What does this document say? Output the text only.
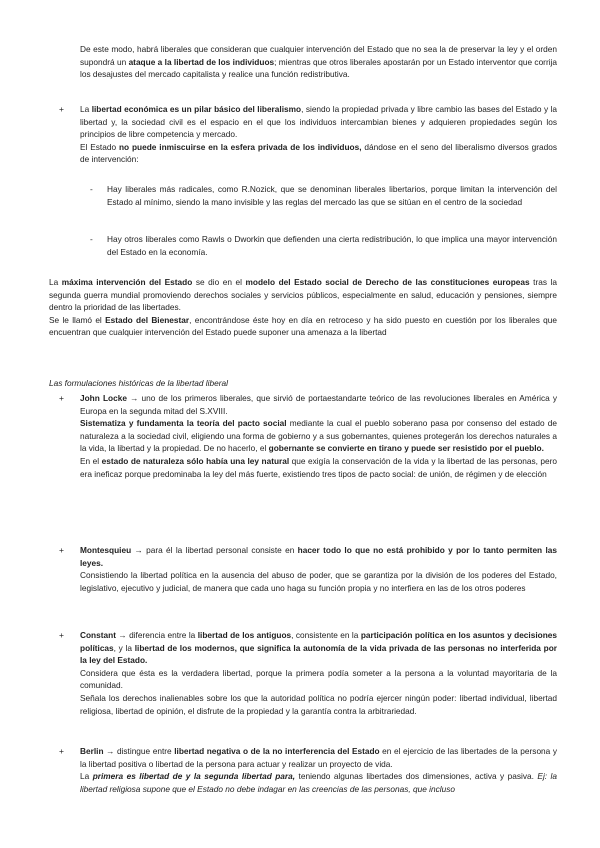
De este modo, habrá liberales que consideran que cualquier intervención del Estado que no sea la de preservar la ley y el orden supondrá un ataque a la libertad de los individuos; mientras que otros liberales apostarán por un Estado interventor que corrija los desajustes del mercado capitalista y realice una función redistributiva.

+ La libertad económica es un pilar básico del liberalismo, siendo la propiedad privada y libre cambio las bases del Estado y la libertad y, la sociedad civil es el espacio en el que los individuos intercambian bienes y adquieren propiedades según los principios de libre competencia y mercado.

El Estado no puede inmiscuirse en la esfera privada de los individuos, dándose en el seno del liberalismo diversos grados de intervención:

- Hay liberales más radicales, como R.Nozick, que se denominan liberales libertarios, porque limitan la intervención del Estado al mínimo, siendo la mano invisible y las reglas del mercado las que se sitúan en el centro de la sociedad

- Hay otros liberales como Rawls o Dworkin que defienden una cierta redistribución, lo que implica una mayor intervención del Estado en la economía.

La máxima intervención del Estado se dio en el modelo del Estado social de Derecho de las constituciones europeas tras la segunda guerra mundial promoviendo derechos sociales y servicios públicos, especialmente en salud, educación y pensiones, siempre dentro la prioridad de las libertades.

Se le llamó el Estado del Bienestar, encontrándose éste hoy en día en retroceso y ha sido puesto en cuestión por los liberales que encuentran que cualquier intervención del Estado puede suponer una amenaza a la libertad

Las formulaciones históricas de la libertad liberal
+ John Locke → uno de los primeros liberales, que sirvió de portaestandarte teórico de las revoluciones liberales en América y Europa en la segunda mitad del S.XVIII.

Sistematiza y fundamenta la teoría del pacto social mediante la cual el pueblo soberano pasa por consenso del estado de naturaleza a la sociedad civil, eligiendo una forma de gobierno y a sus gobernantes, quienes protegerán los derechos naturales a la vida, la libertad y la propiedad. De no hacerlo, el gobernante se convierte en tirano y puede ser resistido por el pueblo.

En el estado de naturaleza sólo había una ley natural que exigía la conservación de la vida y la libertad de las personas, pero era ineficaz porque predominaba la ley del más fuerte, existiendo tres tipos de pacto social: de unión, de régimen y de elección

+ Montesquieu → para él la libertad personal consiste en hacer todo lo que no está prohibido y por lo tanto permiten las leyes.

Consistiendo la libertad política en la ausencia del abuso de poder, que se garantiza por la división de los poderes del Estado, legislativo, ejecutivo y judicial, de manera que cada uno haga su función propia y no interfiera en las de los otros poderes

+ Constant → diferencia entre la libertad de los antiguos, consistente en la participación política en los asuntos y decisiones políticas, y la libertad de los modernos, que significa la autonomía de la vida privada de las personas no interferida por la ley del Estado.

Considera que ésta es la verdadera libertad, porque la primera podía someter a la persona a la voluntad mayoritaria de la comunidad.

Señala los derechos inalienables sobre los que la autoridad política no podría ejercer ningún poder: libertad individual, libertad religiosa, libertad de opinión, el disfrute de la propiedad y la garantía contra la arbitrariedad.

+ Berlin → distingue entre libertad negativa o de la no interferencia del Estado en el ejercicio de las libertades de la persona y la libertad positiva o libertad de la persona para actuar y realizar un proyecto de vida.

La primera es libertad de y la segunda libertad para, teniendo algunas libertades dos dimensiones, activa y pasiva. Ej: la libertad religiosa supone que el Estado no debe indagar en las creencias de las personas, que incluso
